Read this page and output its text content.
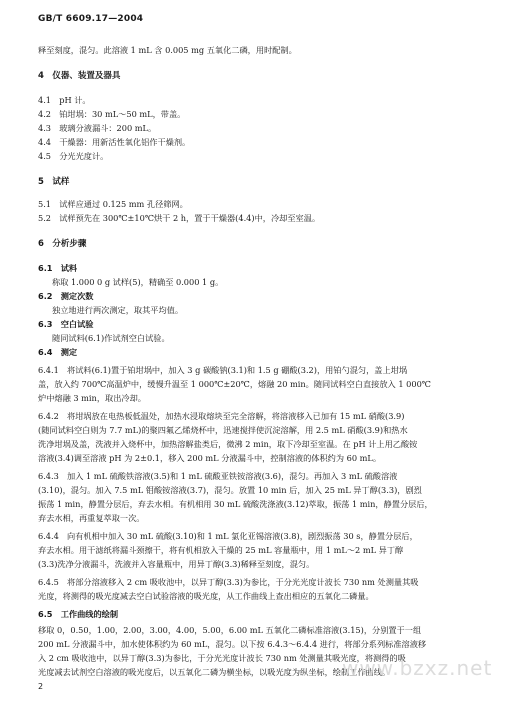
GB/T 6609.17—2004
释至刻度，混匀。此溶液 1 mL 含 0.005 mg 五氧化二磷，用时配制。
4　仪器、装置及器具
4.1　pH 计。
4.2　铂坩埚：30 mL～50 mL，带盖。
4.3　玻璃分液漏斗：200 mL。
4.4　干燥器：用新活性氧化铝作干燥剂。
4.5　分光光度计。
5　试样
5.1　试样应通过 0.125 mm 孔径筛网。
5.2　试样预先在 300℃±10℃烘干 2 h，置于干燥器(4.4)中，冷却至室温。
6　分析步骤
6.1　试料
称取 1.000 0 g 试样(5)，精确至 0.000 1 g。
6.2　测定次数
独立地进行两次测定，取其平均值。
6.3　空白试验
随同试料(6.1)作试剂空白试验。
6.4　测定
6.4.1　将试料(6.1)置于铂坩埚中，加入 3 g 碳酸钠(3.1)和 1.5 g 硼酸(3.2)，用铂勺混匀，盖上坩埚
盖，放入约 700℃高温炉中，缓慢升温至 1 000℃±20℃，熔融 20 min。随同试料空白直接放入 1 000℃
炉中熔融 3 min，取出冷却。
6.4.2　将坩埚放在电热板低温处，加热水浸取熔块至完全溶解，将溶液移入已加有 15 mL 硝酸(3.9)
(随同试料空白则为 7.7 mL)的聚四氟乙烯烧杯中，迅速搅拌使沉淀溶解，用 2.5 mL 硝酸(3.9)和热水
洗净坩埚及盖，洗液并入烧杯中，加热溶解盐类后，微沸 2 min，取下冷却至室温。在 pH 计上用乙酸铵
溶液(3.4)调至溶液 pH 为 2±0.1，移入 200 mL 分液漏斗中，控制溶液的体积约为 60 mL。
6.4.3　加入 1 mL 硫酸铁溶液(3.5)和 1 mL 硫酸亚铁铵溶液(3.6)，混匀。再加入 3 mL 硫酸溶液
(3.10)，混匀。加入 7.5 mL 钼酸铵溶液(3.7)，混匀。放置 10 min 后，加入 25 mL 异丁醇(3.3)，剧烈
振荡 1 min，静置分层后，弃去水相。有机相用 30 mL 硫酸洗涤液(3.12)萃取，振荡 1 min，静置分层后，
弃去水相，再重复萃取一次。
6.4.4　向有机相中加入 30 mL 硫酸(3.10)和 1 mL 氯化亚锡溶液(3.8)，剧烈振荡 30 s，静置分层后，
弃去水相。用干滤纸将漏斗颈擦干，将有机相放入干燥的 25 mL 容量瓶中，用 1 mL～2 mL 异丁醇
(3.3)洗净分液漏斗，洗液并入容量瓶中，用异丁醇(3.3)稀释至刻度，混匀。
6.4.5　将部分溶液移入 2 cm 吸收池中，以异丁醇(3.3)为参比，于分光光度计波长 730 nm 处测量其吸
光度，将测得的吸光度减去空白试验溶液的吸光度，从工作曲线上查出相应的五氧化二磷量。
6.5　工作曲线的绘制
移取 0，0.50，1.00，2.00，3.00，4.00，5.00，6.00 mL 五氧化二磷标准溶液(3.15)，分别置于一组
200 mL 分液漏斗中，加水使体积约为 60 mL，混匀。以下按 6.4.3～6.4.4 进行，将部分系列标准溶液移
入 2 cm 吸收池中，以异丁醇(3.3)为参比，于分光光度计波长 730 nm 处测量其吸光度，将测得的吸
光度减去试剂空白溶液的吸光度后，以五氧化二磷为横坐标，以吸光度为纵坐标，绘制工作曲线。
www.bzxz.net
2
